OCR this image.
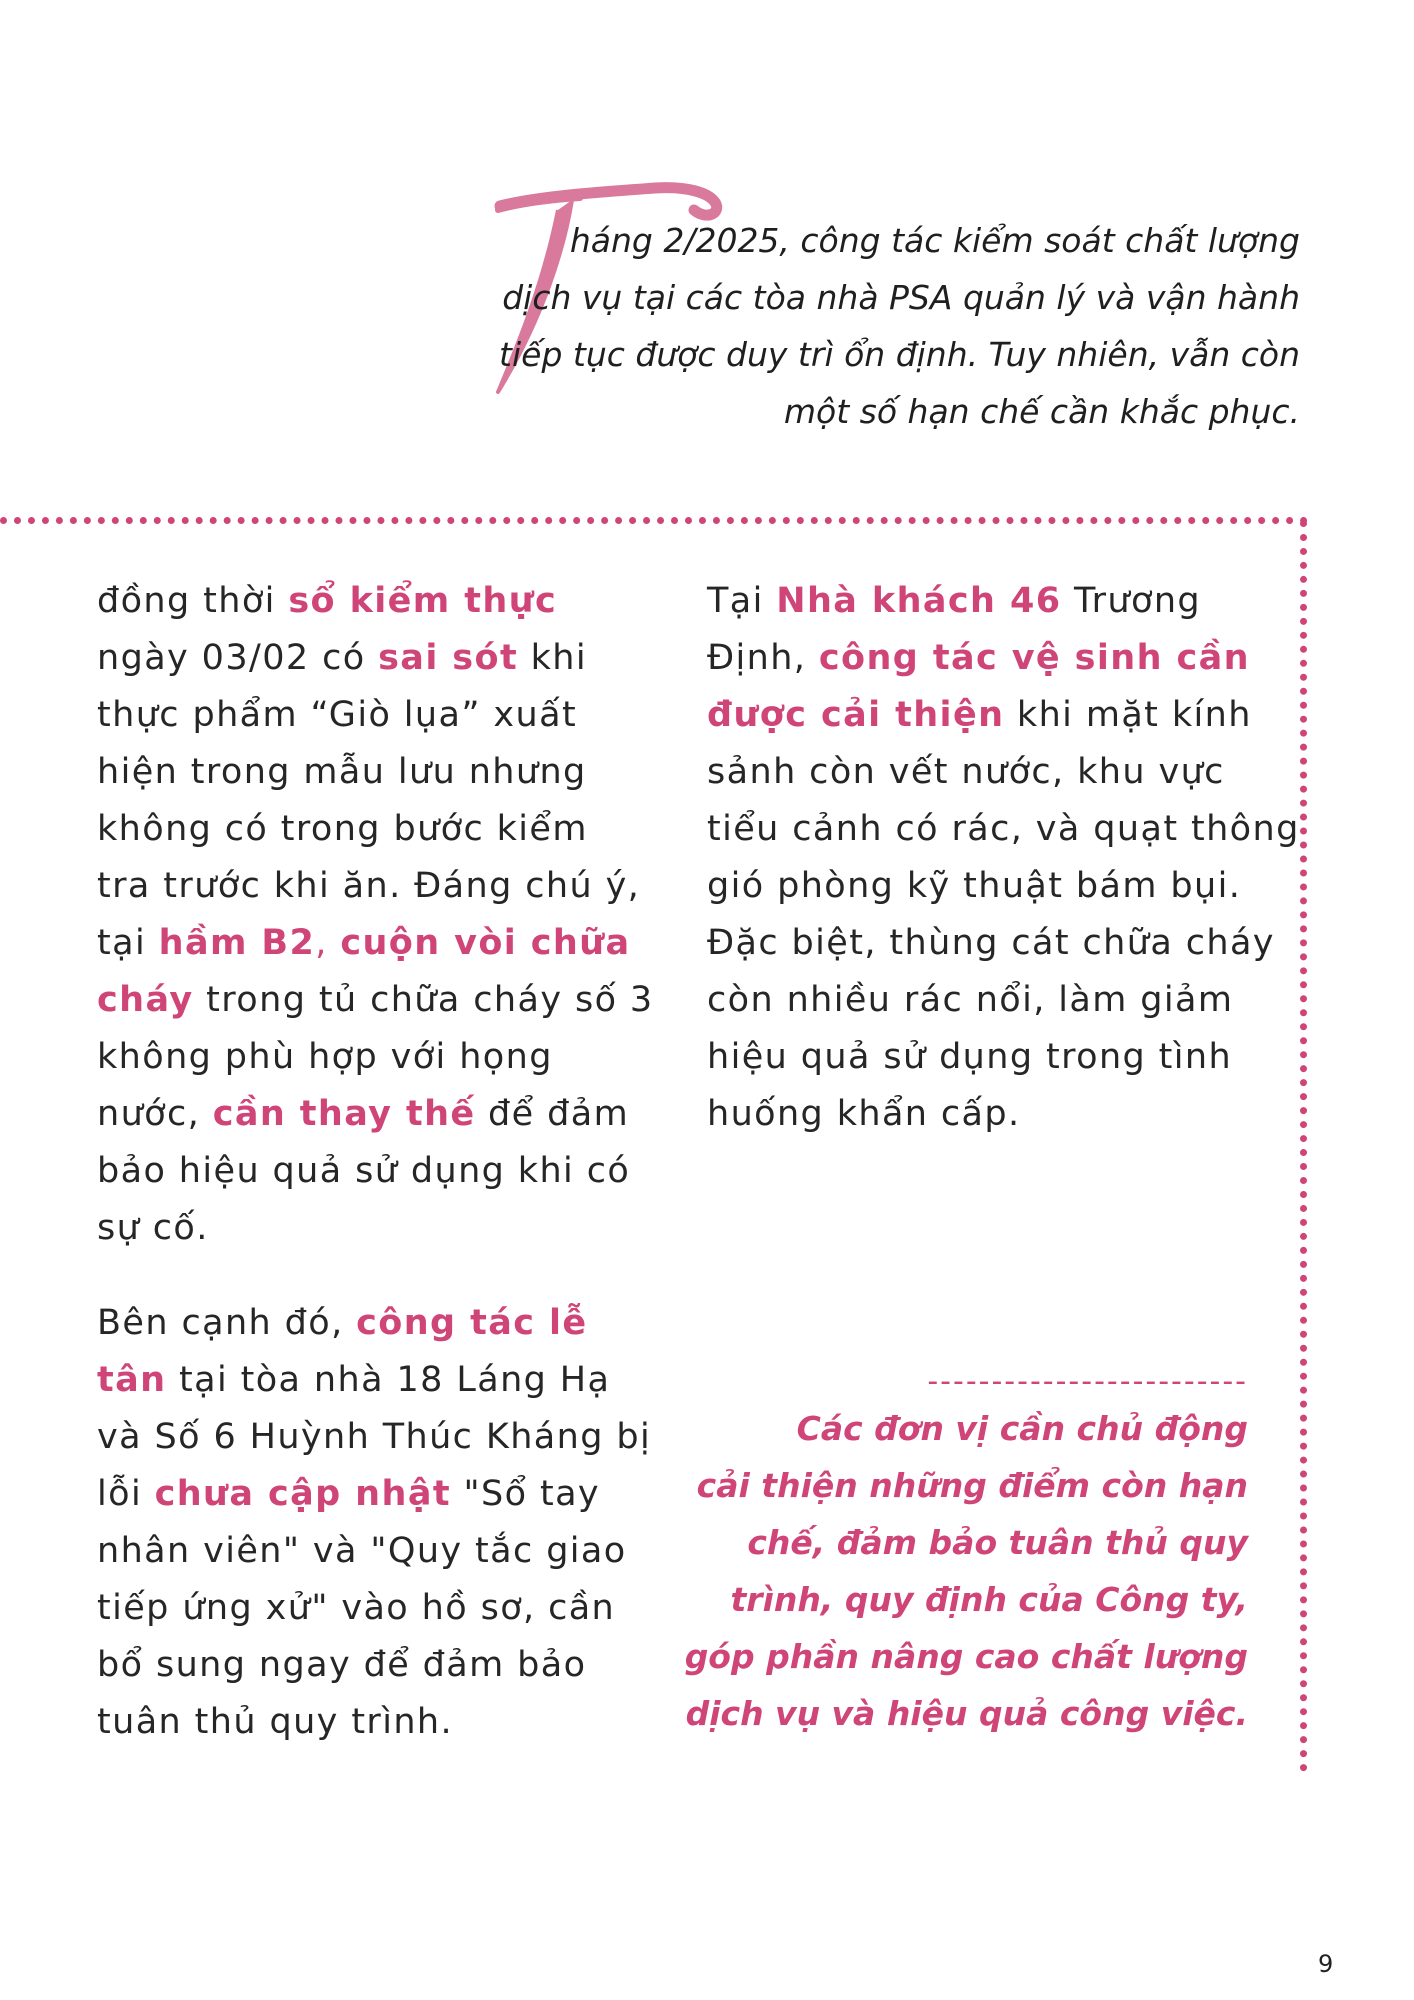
háng 2/2025, công tác kiểm soát chất lượng
dịch vụ tại các tòa nhà PSA quản lý và vận hành
tiếp tục được duy trì ổn định. Tuy nhiên, vẫn còn
một số hạn chế cần khắc phục.
đồng thời sổ kiểm thực
ngày 03/02 có sai sót khi
thực phẩm “Giò lụa” xuất
hiện trong mẫu lưu nhưng
không có trong bước kiểm
tra trước khi ăn. Đáng chú ý,
tại hầm B2, cuộn vòi chữa
cháy trong tủ chữa cháy số 3
không phù hợp với họng
nước, cần thay thế để đảm
bảo hiệu quả sử dụng khi có
sự cố.
Bên cạnh đó, công tác lễ
tân tại tòa nhà 18 Láng Hạ
và Số 6 Huỳnh Thúc Kháng bị
lỗi chưa cập nhật "Sổ tay
nhân viên" và "Quy tắc giao
tiếp ứng xử" vào hồ sơ, cần
bổ sung ngay để đảm bảo
tuân thủ quy trình.
Tại Nhà khách 46 Trương
Định, công tác vệ sinh cần
được cải thiện khi mặt kính
sảnh còn vết nước, khu vực
tiểu cảnh có rác, và quạt thông
gió phòng kỹ thuật bám bụi.
Đặc biệt, thùng cát chữa cháy
còn nhiều rác nổi, làm giảm
hiệu quả sử dụng trong tình
huống khẩn cấp.
-------------------------
Các đơn vị cần chủ động
cải thiện những điểm còn hạn
chế, đảm bảo tuân thủ quy
trình, quy định của Công ty,
góp phần nâng cao chất lượng
dịch vụ và hiệu quả công việc.
9
